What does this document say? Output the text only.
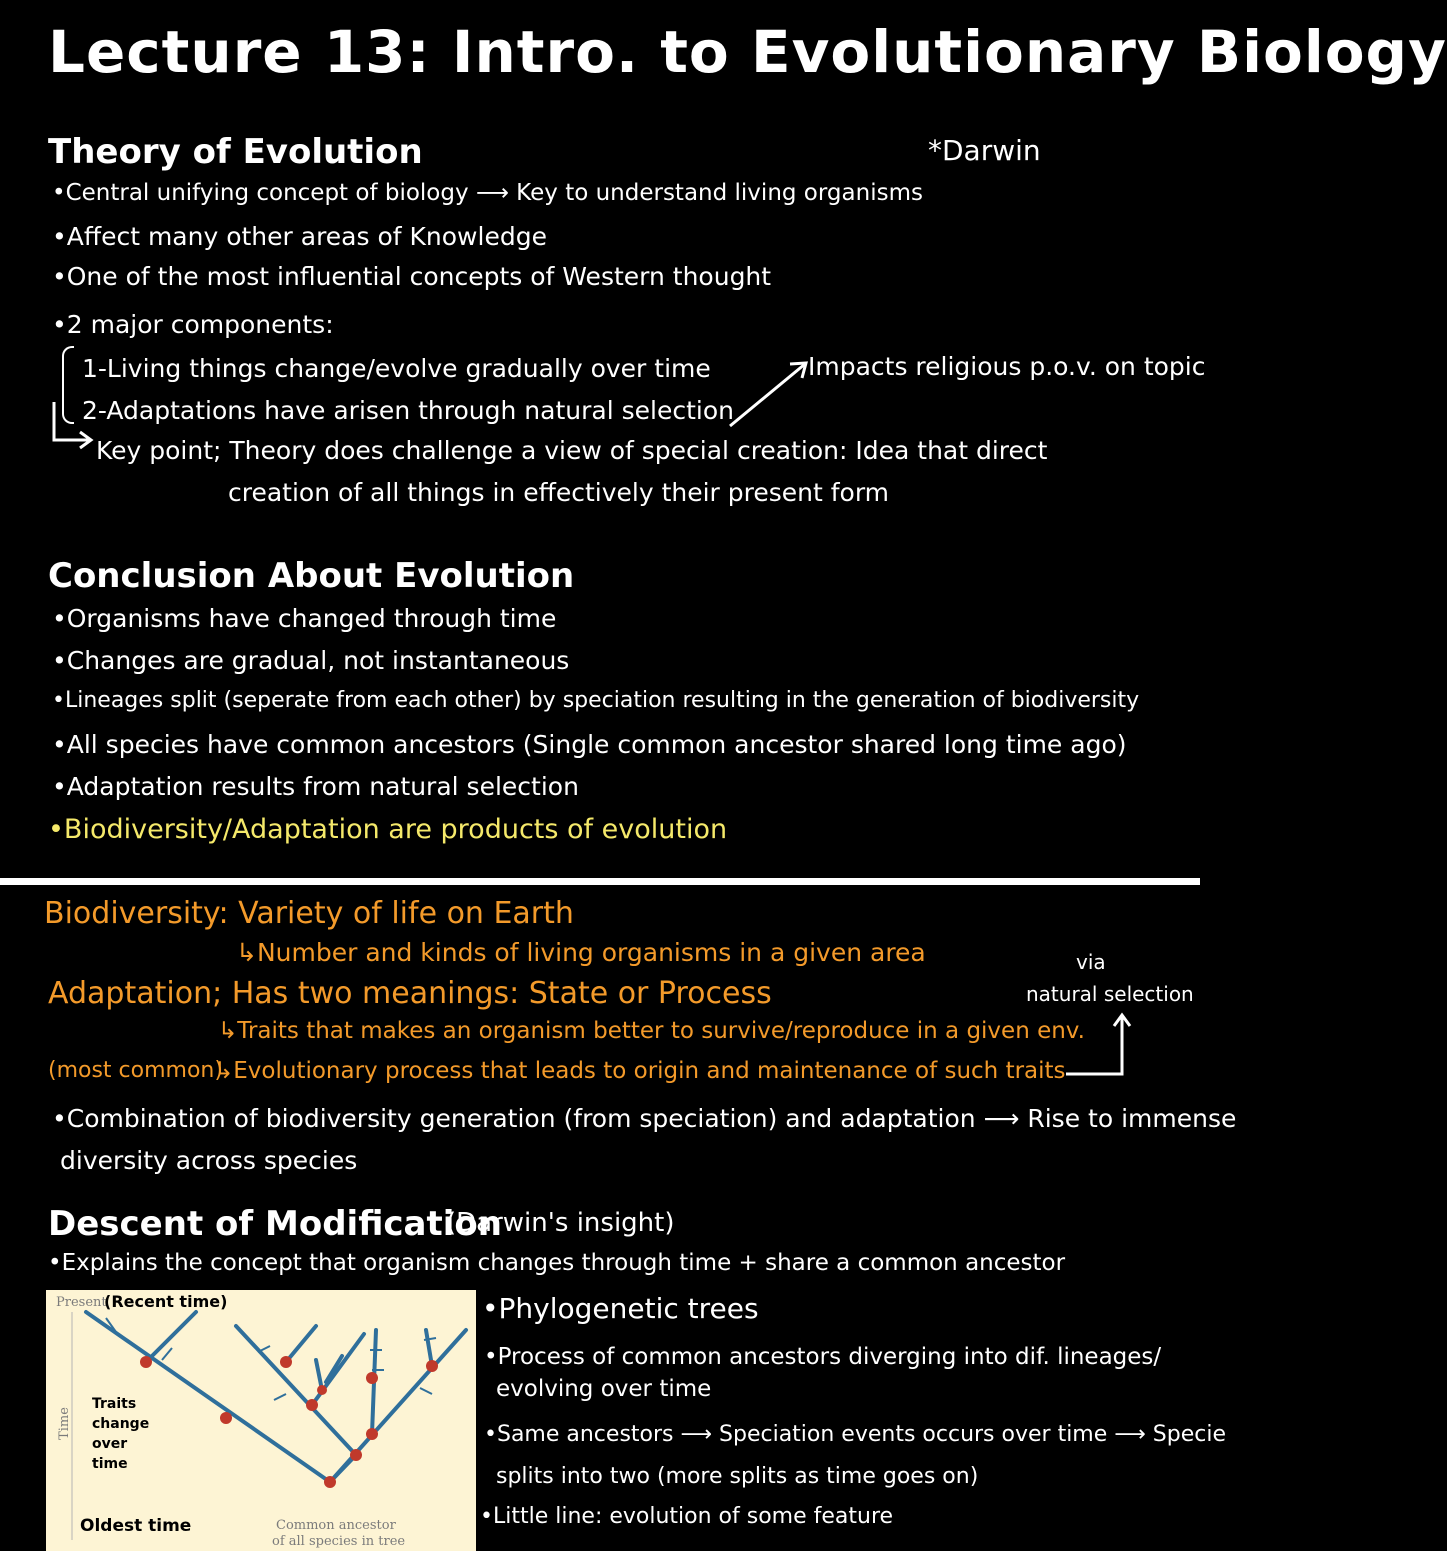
Lecture 13: Intro. to Evolutionary Biology
Theory of Evolution	*Darwin
•Central unifying concept of biology ⟶ Key to understand living organisms
•Affect many other areas of Knowledge
•One of the most influential concepts of Western thought
•2 major components:
1-Living things change/evolve gradually over time
2-Adaptations have arisen through natural selection
Impacts religious p.o.v. on topic
Key point; Theory does challenge a view of special creation: Idea that direct
creation of all things in effectively their present form
Conclusion About Evolution
•Organisms have changed through time
•Changes are gradual, not instantaneous
•Lineages split (seperate from each other) by speciation resulting in the generation of biodiversity
•All species have common ancestors (Single common ancestor shared long time ago)
•Adaptation results from natural selection
•Biodiversity/Adaptation are products of evolution
Biodiversity: Variety of life on Earth
↳Number and kinds of living organisms in a given area
Adaptation; Has two meanings: State or Process
via
natural selection
↳Traits that makes an organism better to survive/reproduce in a given env.
(most common)
↳Evolutionary process that leads to origin and maintenance of such traits
•Combination of biodiversity generation (from speciation) and adaptation ⟶ Rise to immense
diversity across species
Descent of Modification
(Darwin's insight)
•Explains the concept that organism changes through time + share a common ancestor
Present
(Recent time)
Time
Traits change over time
Oldest time	Common ancestor
of all species in tree
•Phylogenetic trees
•Process of common ancestors diverging into dif. lineages/
evolving over time
•Same ancestors ⟶ Speciation events occurs over time ⟶ Specie
splits into two (more splits as time goes on)
•Little line: evolution of some feature
